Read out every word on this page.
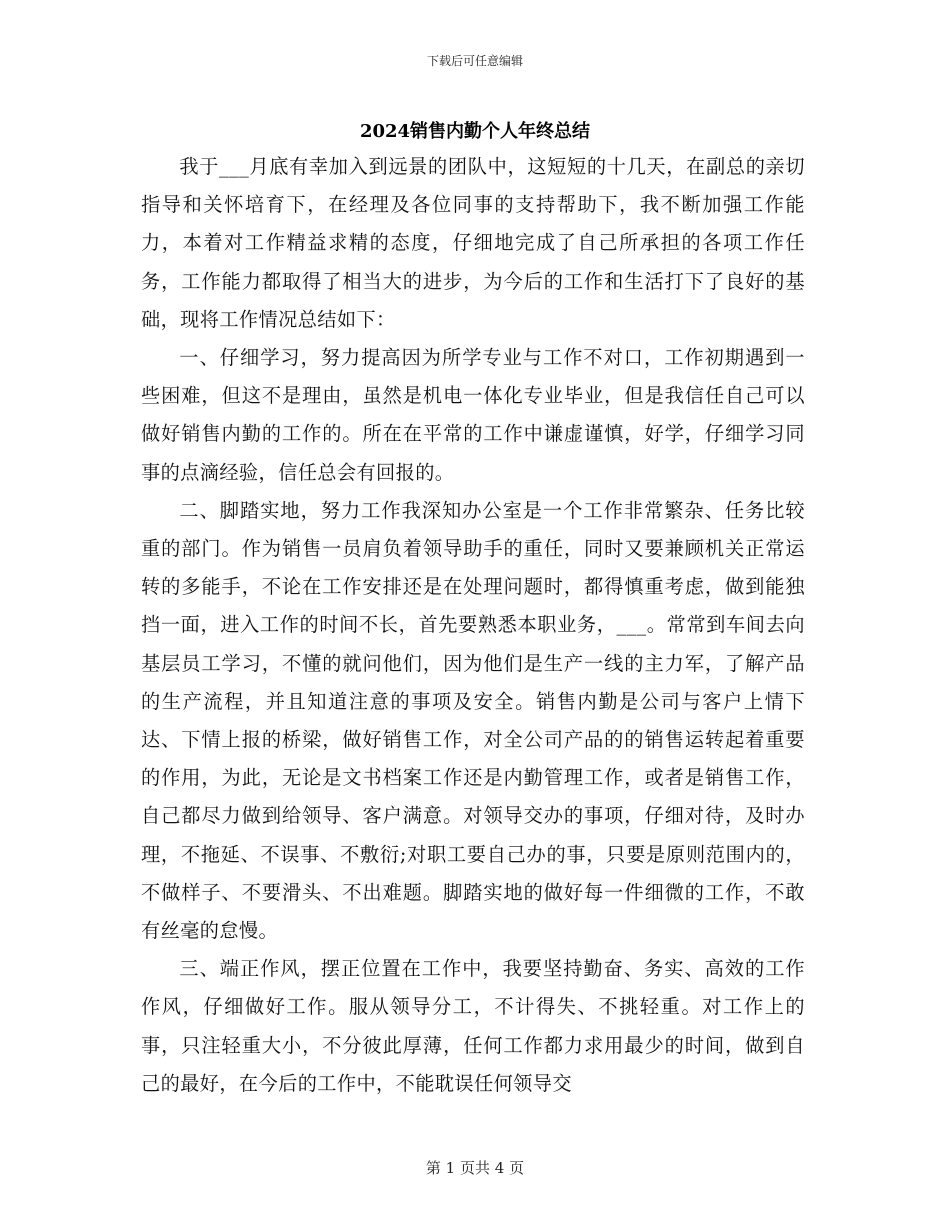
下载后可任意编辑
2024销售内勤个人年终总结

我于___月底有幸加入到远景的团队中，这短短的十几天，在副总的亲切指导和关怀培育下，在经理及各位同事的支持帮助下，我不断加强工作能力，本着对工作精益求精的态度，仔细地完成了自己所承担的各项工作任务，工作能力都取得了相当大的进步，为今后的工作和生活打下了良好的基础，现将工作情况总结如下：

一、仔细学习，努力提高因为所学专业与工作不对口，工作初期遇到一些困难，但这不是理由，虽然是机电一体化专业毕业，但是我信任自己可以做好销售内勤的工作的。所在在平常的工作中谦虚谨慎，好学，仔细学习同事的点滴经验，信任总会有回报的。

二、脚踏实地，努力工作我深知办公室是一个工作非常繁杂、任务比较重的部门。作为销售一员肩负着领导助手的重任，同时又要兼顾机关正常运转的多能手，不论在工作安排还是在处理问题时，都得慎重考虑，做到能独挡一面，进入工作的时间不长，首先要熟悉本职业务，___。常常到车间去向基层员工学习，不懂的就问他们，因为他们是生产一线的主力军，了解产品的生产流程，并且知道注意的事项及安全。销售内勤是公司与客户上情下达、下情上报的桥梁，做好销售工作，对全公司产品的的销售运转起着重要的作用，为此，无论是文书档案工作还是内勤管理工作，或者是销售工作，自己都尽力做到给领导、客户满意。对领导交办的事项，仔细对待，及时办理，不拖延、不误事、不敷衍;对职工要自己办的事，只要是原则范围内的，不做样子、不要滑头、不出难题。脚踏实地的做好每一件细微的工作，不敢有丝毫的怠慢。

三、端正作风，摆正位置在工作中，我要坚持勤奋、务实、高效的工作作风，仔细做好工作。服从领导分工，不计得失、不挑轻重。对工作上的事，只注轻重大小，不分彼此厚薄，任何工作都力求用最少的时间，做到自己的最好，在今后的工作中，不能耽误任何领导交

第 1 页共 4 页
